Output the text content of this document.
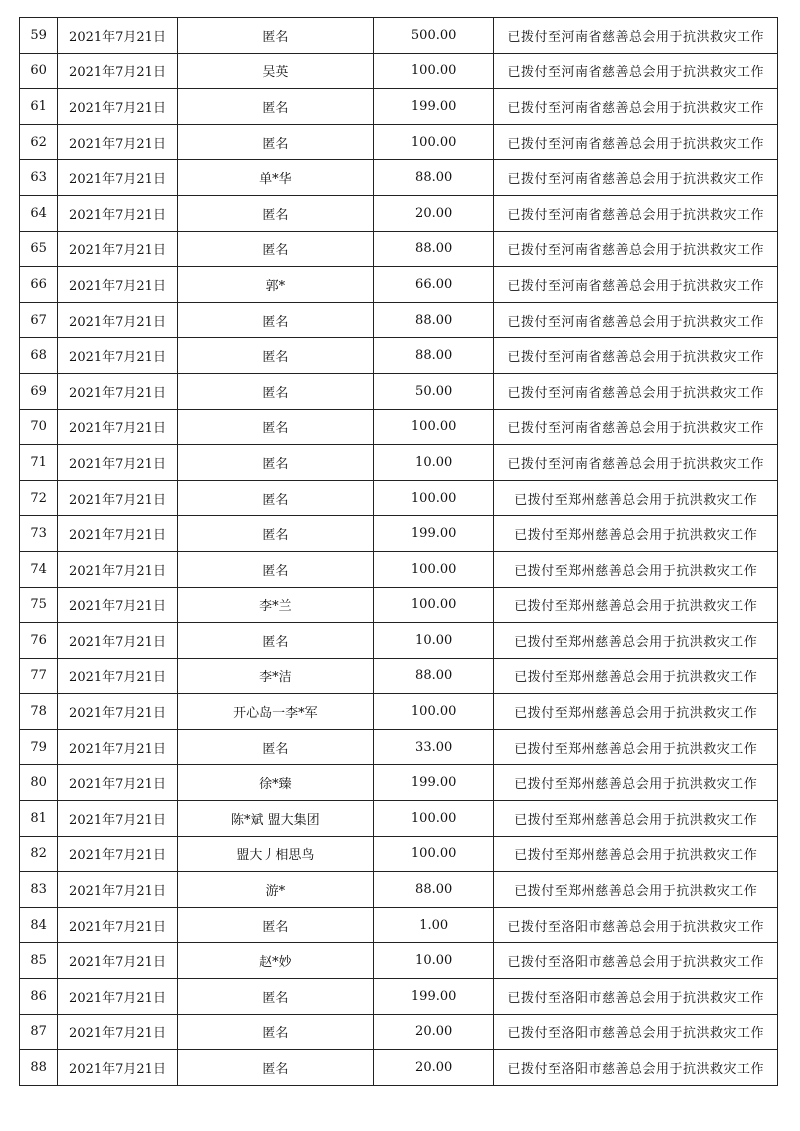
59	2021年7月21日	匿名	500.00	已拨付至河南省慈善总会用于抗洪救灾工作
60	2021年7月21日	吴英	100.00	已拨付至河南省慈善总会用于抗洪救灾工作
61	2021年7月21日	匿名	199.00	已拨付至河南省慈善总会用于抗洪救灾工作
62	2021年7月21日	匿名	100.00	已拨付至河南省慈善总会用于抗洪救灾工作
63	2021年7月21日	单*华	88.00	已拨付至河南省慈善总会用于抗洪救灾工作
64	2021年7月21日	匿名	20.00	已拨付至河南省慈善总会用于抗洪救灾工作
65	2021年7月21日	匿名	88.00	已拨付至河南省慈善总会用于抗洪救灾工作
66	2021年7月21日	郭*	66.00	已拨付至河南省慈善总会用于抗洪救灾工作
67	2021年7月21日	匿名	88.00	已拨付至河南省慈善总会用于抗洪救灾工作
68	2021年7月21日	匿名	88.00	已拨付至河南省慈善总会用于抗洪救灾工作
69	2021年7月21日	匿名	50.00	已拨付至河南省慈善总会用于抗洪救灾工作
70	2021年7月21日	匿名	100.00	已拨付至河南省慈善总会用于抗洪救灾工作
71	2021年7月21日	匿名	10.00	已拨付至河南省慈善总会用于抗洪救灾工作
72	2021年7月21日	匿名	100.00	已拨付至郑州慈善总会用于抗洪救灾工作
73	2021年7月21日	匿名	199.00	已拨付至郑州慈善总会用于抗洪救灾工作
74	2021年7月21日	匿名	100.00	已拨付至郑州慈善总会用于抗洪救灾工作
75	2021年7月21日	李*兰	100.00	已拨付至郑州慈善总会用于抗洪救灾工作
76	2021年7月21日	匿名	10.00	已拨付至郑州慈善总会用于抗洪救灾工作
77	2021年7月21日	李*洁	88.00	已拨付至郑州慈善总会用于抗洪救灾工作
78	2021年7月21日	开心岛一李*军	100.00	已拨付至郑州慈善总会用于抗洪救灾工作
79	2021年7月21日	匿名	33.00	已拨付至郑州慈善总会用于抗洪救灾工作
80	2021年7月21日	徐*臻	199.00	已拨付至郑州慈善总会用于抗洪救灾工作
81	2021年7月21日	陈*斌 盟大集团	100.00	已拨付至郑州慈善总会用于抗洪救灾工作
82	2021年7月21日	盟大丿相思鸟	100.00	已拨付至郑州慈善总会用于抗洪救灾工作
83	2021年7月21日	游*	88.00	已拨付至郑州慈善总会用于抗洪救灾工作
84	2021年7月21日	匿名	1.00	已拨付至洛阳市慈善总会用于抗洪救灾工作
85	2021年7月21日	赵*妙	10.00	已拨付至洛阳市慈善总会用于抗洪救灾工作
86	2021年7月21日	匿名	199.00	已拨付至洛阳市慈善总会用于抗洪救灾工作
87	2021年7月21日	匿名	20.00	已拨付至洛阳市慈善总会用于抗洪救灾工作
88	2021年7月21日	匿名	20.00	已拨付至洛阳市慈善总会用于抗洪救灾工作
